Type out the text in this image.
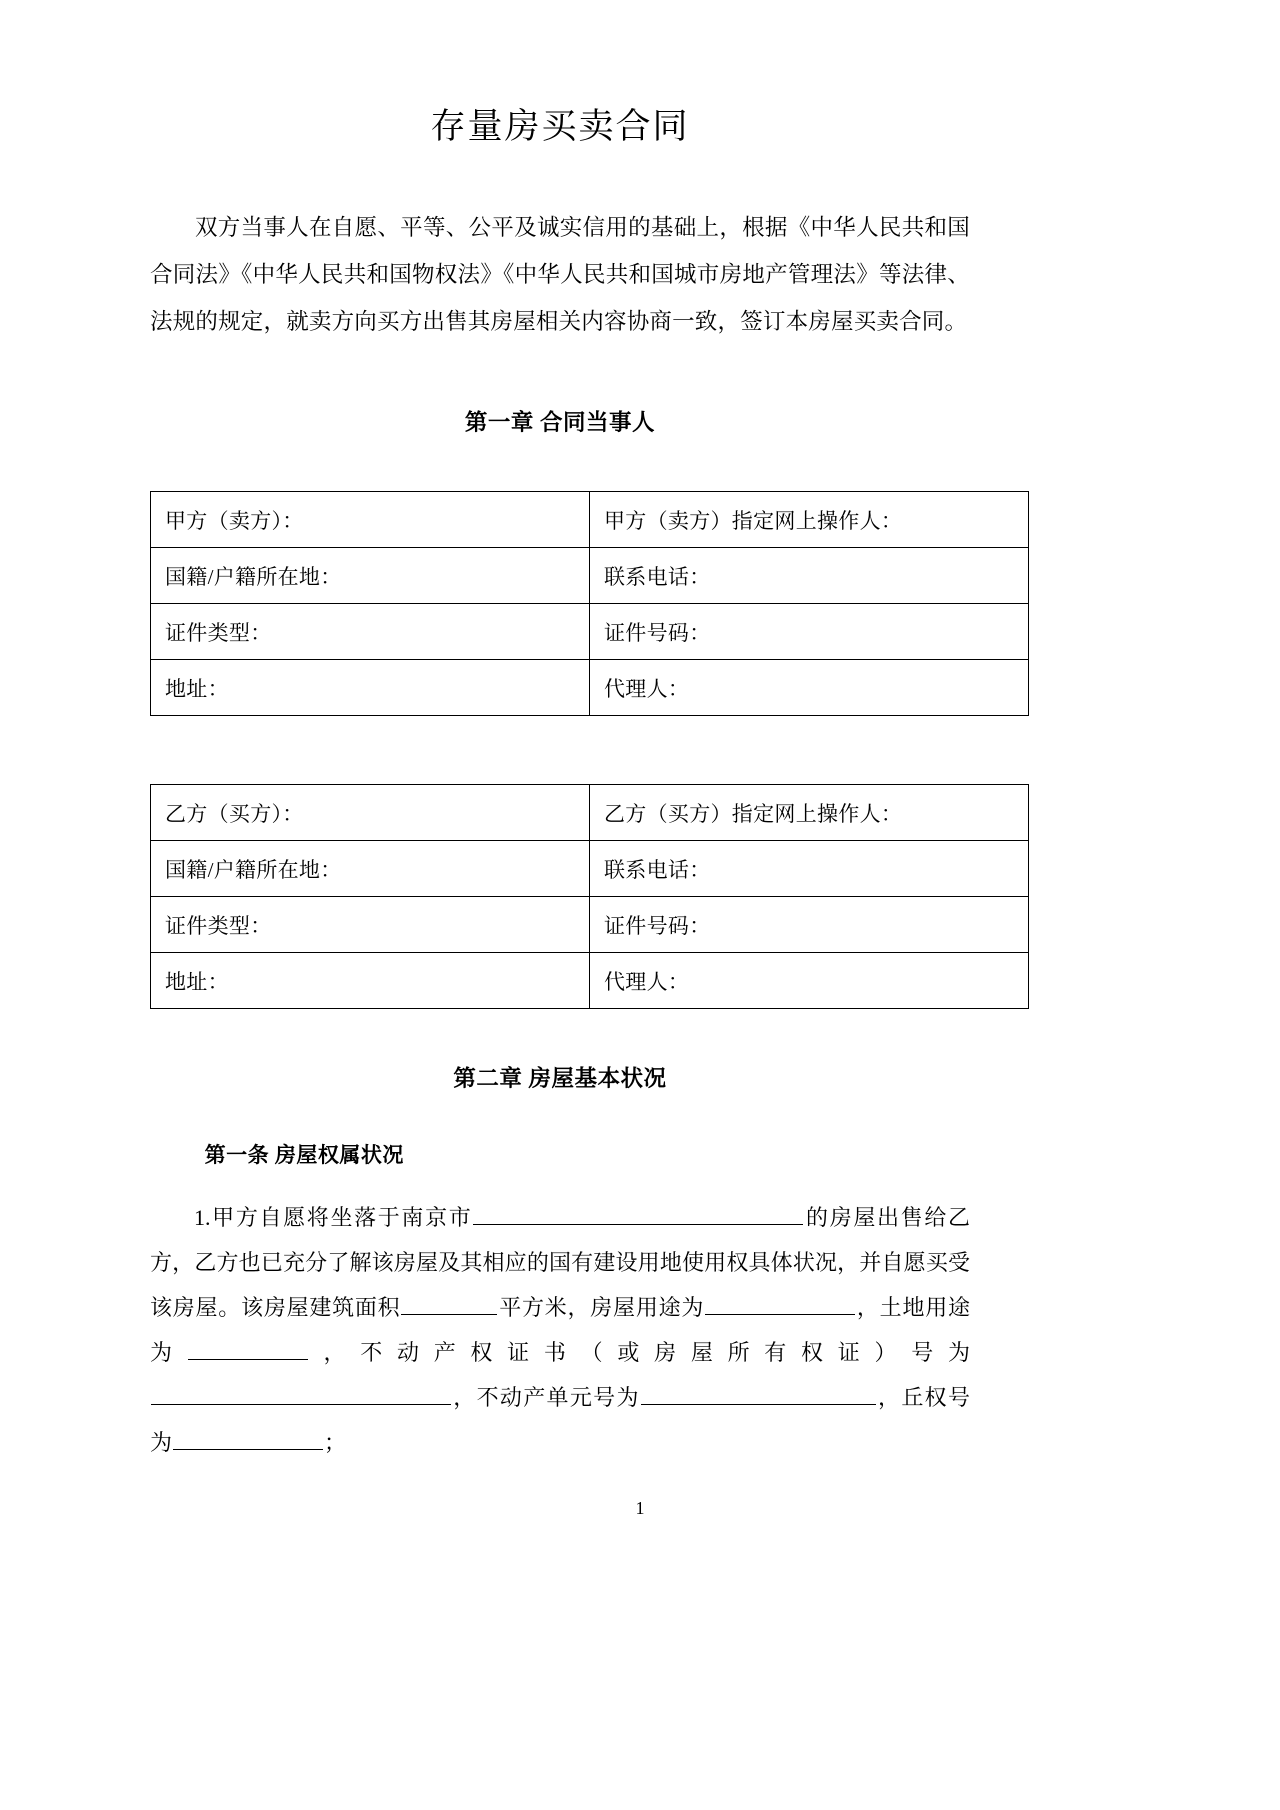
存量房买卖合同

双方当事人在自愿、平等、公平及诚实信用的基础上，根据《中华人民共和国合同法》《中华人民共和国物权法》《中华人民共和国城市房地产管理法》等法律、法规的规定，就卖方向买方出售其房屋相关内容协商一致，签订本房屋买卖合同。

第一章 合同当事人
甲方（卖方）：	甲方（卖方）指定网上操作人：
国籍/户籍所在地：	联系电话：
证件类型：	证件号码：
地址：	代理人：
乙方（买方）：	乙方（买方）指定网上操作人：
国籍/户籍所在地：	联系电话：
证件类型：	证件号码：
地址：	代理人：
第二章 房屋基本状况
第一条 房屋权属状况

1.甲方自愿将坐落于南京市	的房屋出售给乙方，乙方也已充分了解该房屋及其相应的国有建设用地使用权具体状况，并自愿买受该房屋。该房屋建筑面积	平方米，房屋用途为	，土地用途为	，不动产权证书（或房屋所有权证）号为，不动产单元号为	，丘权号为	；

1
